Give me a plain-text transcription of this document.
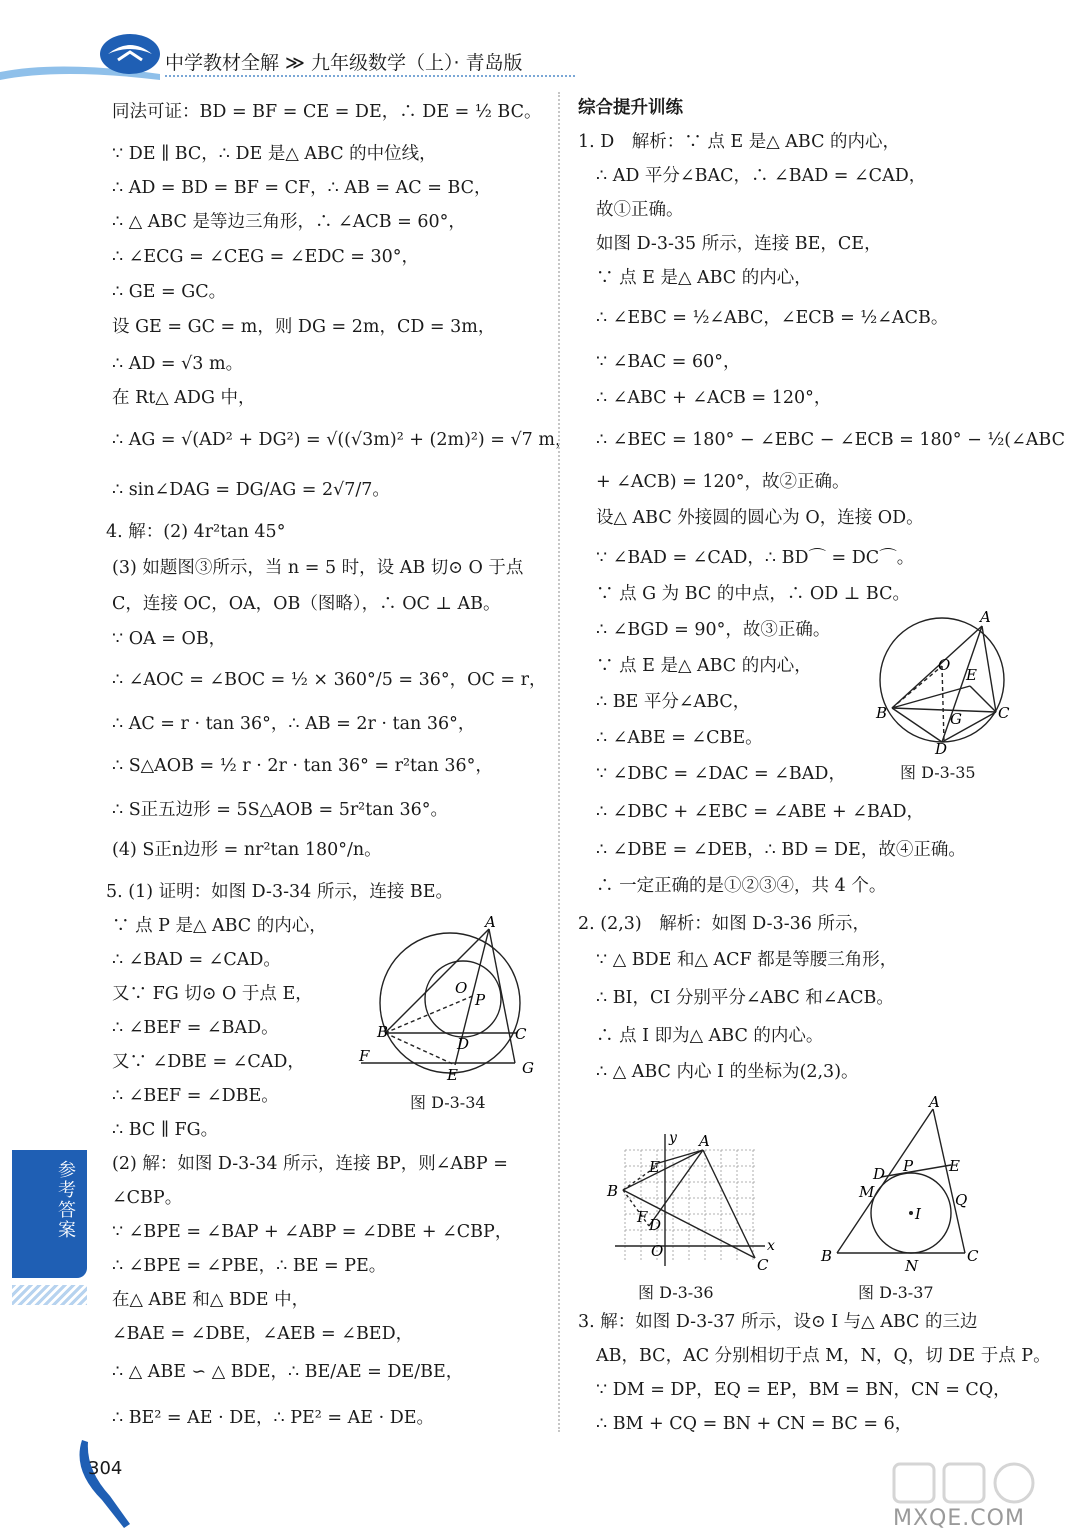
中学教材全解 ≫ 九年级数学（上）· 青岛版
同法可证：BD = BF = CE = DE，∴ DE = ½ BC。
∵ DE ∥ BC，∴ DE 是△ ABC 的中位线，
∴ AD = BD = BF = CF，∴ AB = AC = BC，
∴ △ ABC 是等边三角形，∴ ∠ACB = 60°，
∴ ∠ECG = ∠CEG = ∠EDC = 30°，
∴ GE = GC。
设 GE = GC = m，则 DG = 2m，CD = 3m，
∴ AD = √3 m。
在 Rt△ ADG 中，
∴ AG = √(AD² + DG²) = √((√3m)² + (2m)²) = √7 m，
∴ sin∠DAG = DG/AG = 2√7/7。
4. 解：(2) 4r²tan 45°
(3) 如题图③所示，当 n = 5 时，设 AB 切⊙ O 于点
C，连接 OC，OA，OB（图略），∴ OC ⊥ AB。
∵ OA = OB，
∴ ∠AOC = ∠BOC = ½ × 360°/5 = 36°，OC = r，
∴ AC = r · tan 36°，∴ AB = 2r · tan 36°，
∴ S△AOB = ½ r · 2r · tan 36° = r²tan 36°，
∴ S正五边形 = 5S△AOB = 5r²tan 36°。
(4) S正n边形 = nr²tan 180°/n。
5. (1) 证明：如图 D-3-34 所示，连接 BE。
∵ 点 P 是△ ABC 的内心，
∴ ∠BAD = ∠CAD。
又∵ FG 切⊙ O 于点 E，
∴ ∠BEF = ∠BAD。
又∵ ∠DBE = ∠CAD，
∴ ∠BEF = ∠DBE。
∴ BC ∥ FG。
(2) 解：如图 D-3-34 所示，连接 BP，则∠ABP =
∠CBP。
∵ ∠BPE = ∠BAP + ∠ABP = ∠DBE + ∠CBP，
∴ ∠BPE = ∠PBE，∴ BE = PE。
在△ ABE 和△ BDE 中，
∠BAE = ∠DBE，∠AEB = ∠BED，
∴ △ ABE ∽ △ BDE，∴ BE/AE = DE/BE，
∴ BE² = AE · DE，∴ PE² = AE · DE。
综合提升训练
1. D　解析：∵ 点 E 是△ ABC 的内心，
∴ AD 平分∠BAC，∴ ∠BAD = ∠CAD，
故①正确。
如图 D-3-35 所示，连接 BE，CE，
∵ 点 E 是△ ABC 的内心，
∴ ∠EBC = ½∠ABC，∠ECB = ½∠ACB。
∵ ∠BAC = 60°，
∴ ∠ABC + ∠ACB = 120°，
∴ ∠BEC = 180° − ∠EBC − ∠ECB = 180° − ½(∠ABC
+ ∠ACB) = 120°，故②正确。
设△ ABC 外接圆的圆心为 O，连接 OD。
∵ ∠BAD = ∠CAD，∴ BD⌒ = DC⌒。
∵ 点 G 为 BC 的中点，∴ OD ⊥ BC。
∴ ∠BGD = 90°，故③正确。
∵ 点 E 是△ ABC 的内心，
∴ BE 平分∠ABC，
∴ ∠ABE = ∠CBE。
∵ ∠DBC = ∠DAC = ∠BAD，
∴ ∠DBC + ∠EBC = ∠ABE + ∠BAD，
∴ ∠DBE = ∠DEB，∴ BD = DE，故④正确。
∴ 一定正确的是①②③④，共 4 个。
2. (2,3)　解析：如图 D-3-36 所示，
∵ △ BDE 和△ ACF 都是等腰三角形，
∴ BI，CI 分别平分∠ABC 和∠ACB。
∴ 点 I 即为△ ABC 的内心。
∴ △ ABC 内心 I 的坐标为(2,3)。
3. 解：如图 D-3-37 所示，设⊙ I 与△ ABC 的三边
AB，BC，AC 分别相切于点 M，N，Q，切 DE 于点 P。
∵ DM = DP，EQ = EP，BM = BN，CN = CQ，
∴ BM + CQ = BN + CN = BC = 6，
A
O
P
B	C
D
F
E	G
图 D-3-34
A
O
E
B	G C
D
图 D-3-35
y A
E
B
F D
O	x
C
图 D-3-36
A
D P E
M	Q
I
B
N
C
图 D-3-37
参考答案
304
MXQE.COM
